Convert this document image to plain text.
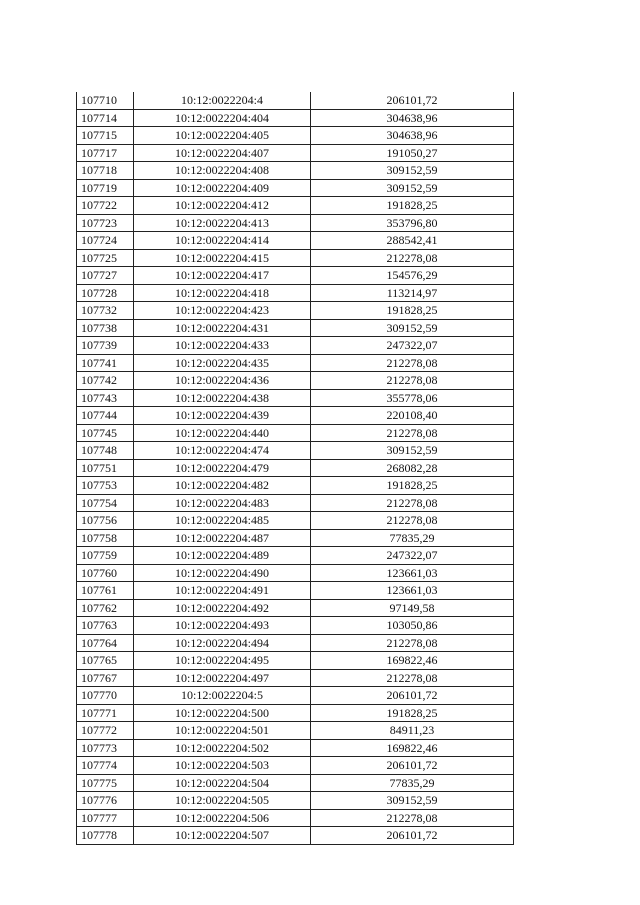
107710	10:12:0022204:4	206101,72
107714	10:12:0022204:404	304638,96
107715	10:12:0022204:405	304638,96
107717	10:12:0022204:407	191050,27
107718	10:12:0022204:408	309152,59
107719	10:12:0022204:409	309152,59
107722	10:12:0022204:412	191828,25
107723	10:12:0022204:413	353796,80
107724	10:12:0022204:414	288542,41
107725	10:12:0022204:415	212278,08
107727	10:12:0022204:417	154576,29
107728	10:12:0022204:418	113214,97
107732	10:12:0022204:423	191828,25
107738	10:12:0022204:431	309152,59
107739	10:12:0022204:433	247322,07
107741	10:12:0022204:435	212278,08
107742	10:12:0022204:436	212278,08
107743	10:12:0022204:438	355778,06
107744	10:12:0022204:439	220108,40
107745	10:12:0022204:440	212278,08
107748	10:12:0022204:474	309152,59
107751	10:12:0022204:479	268082,28
107753	10:12:0022204:482	191828,25
107754	10:12:0022204:483	212278,08
107756	10:12:0022204:485	212278,08
107758	10:12:0022204:487	77835,29
107759	10:12:0022204:489	247322,07
107760	10:12:0022204:490	123661,03
107761	10:12:0022204:491	123661,03
107762	10:12:0022204:492	97149,58
107763	10:12:0022204:493	103050,86
107764	10:12:0022204:494	212278,08
107765	10:12:0022204:495	169822,46
107767	10:12:0022204:497	212278,08
107770	10:12:0022204:5	206101,72
107771	10:12:0022204:500	191828,25
107772	10:12:0022204:501	84911,23
107773	10:12:0022204:502	169822,46
107774	10:12:0022204:503	206101,72
107775	10:12:0022204:504	77835,29
107776	10:12:0022204:505	309152,59
107777	10:12:0022204:506	212278,08
107778	10:12:0022204:507	206101,72
